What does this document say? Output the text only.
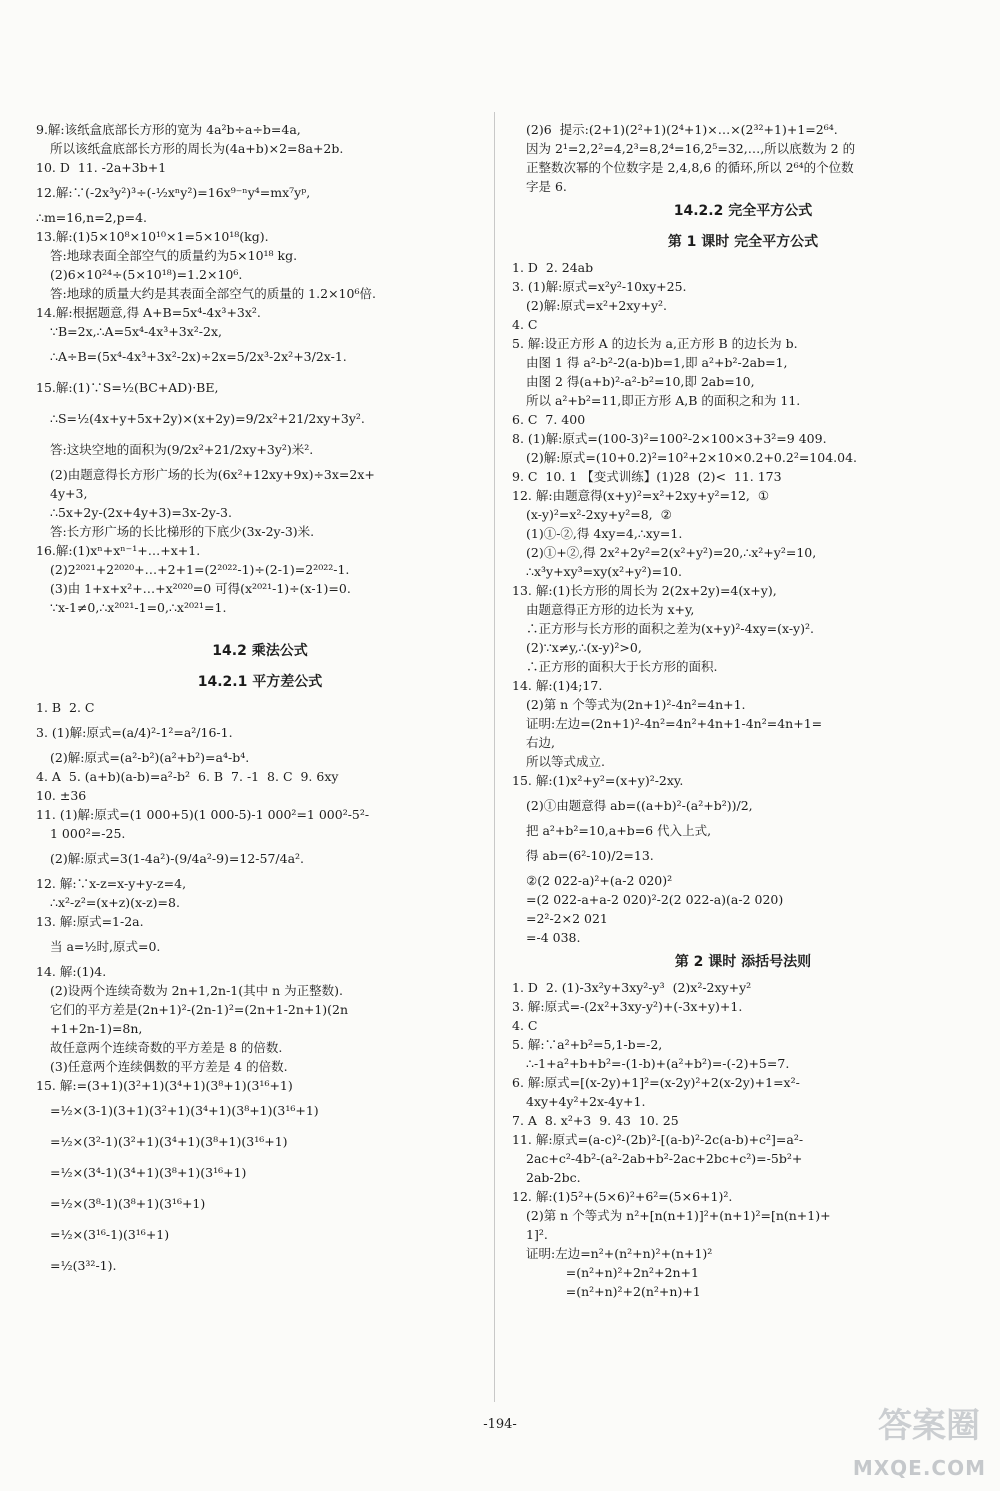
9.解:该纸盒底部长方形的宽为 4a²b÷a÷b=4a,
所以该纸盒底部长方形的周长为(4a+b)×2=8a+2b.
10. D  11. -2a+3b+1
12.解:∵(-2x³y²)³÷(-½xⁿy²)=16x⁹⁻ⁿy⁴=mx⁷yᵖ,
∴m=16,n=2,p=4.
13.解:(1)5×10⁸×10¹⁰×1=5×10¹⁸(kg).
答:地球表面全部空气的质量约为5×10¹⁸ kg.
(2)6×10²⁴÷(5×10¹⁸)=1.2×10⁶.
答:地球的质量大约是其表面全部空气的质量的 1.2×10⁶倍.
14.解:根据题意,得 A+B=5x⁴-4x³+3x².
∵B=2x,∴A=5x⁴-4x³+3x²-2x,
∴A÷B=(5x⁴-4x³+3x²-2x)÷2x=5/2x³-2x²+3/2x-1.
15.解:(1)∵S=½(BC+AD)·BE,
∴S=½(4x+y+5x+2y)×(x+2y)=9/2x²+21/2xy+3y².
答:这块空地的面积为(9/2x²+21/2xy+3y²)米².
(2)由题意得长方形广场的长为(6x²+12xy+9x)÷3x=2x+
4y+3,
∴5x+2y-(2x+4y+3)=3x-2y-3.
答:长方形广场的长比梯形的下底少(3x-2y-3)米.
16.解:(1)xⁿ+xⁿ⁻¹+…+x+1.
(2)2²⁰²¹+2²⁰²⁰+…+2+1=(2²⁰²²-1)÷(2-1)=2²⁰²²-1.
(3)由 1+x+x²+…+x²⁰²⁰=0 可得(x²⁰²¹-1)÷(x-1)=0.
∵x-1≠0,∴x²⁰²¹-1=0,∴x²⁰²¹=1.
14.2 乘法公式
14.2.1 平方差公式
1. B  2. C
3. (1)解:原式=(a/4)²-1²=a²/16-1.
(2)解:原式=(a²-b²)(a²+b²)=a⁴-b⁴.
4. A  5. (a+b)(a-b)=a²-b²  6. B  7. -1  8. C  9. 6xy
10. ±36
11. (1)解:原式=(1 000+5)(1 000-5)-1 000²=1 000²-5²-
1 000²=-25.
(2)解:原式=3(1-4a²)-(9/4a²-9)=12-57/4a².
12. 解:∵x-z=x-y+y-z=4,
∴x²-z²=(x+z)(x-z)=8.
13. 解:原式=1-2a.
当 a=½时,原式=0.
14. 解:(1)4.
(2)设两个连续奇数为 2n+1,2n-1(其中 n 为正整数).
它们的平方差是(2n+1)²-(2n-1)²=(2n+1-2n+1)(2n
+1+2n-1)=8n,
故任意两个连续奇数的平方差是 8 的倍数.
(3)任意两个连续偶数的平方差是 4 的倍数.
15. 解:=(3+1)(3²+1)(3⁴+1)(3⁸+1)(3¹⁶+1)
=½×(3-1)(3+1)(3²+1)(3⁴+1)(3⁸+1)(3¹⁶+1)
=½×(3²-1)(3²+1)(3⁴+1)(3⁸+1)(3¹⁶+1)
=½×(3⁴-1)(3⁴+1)(3⁸+1)(3¹⁶+1)
=½×(3⁸-1)(3⁸+1)(3¹⁶+1)
=½×(3¹⁶-1)(3¹⁶+1)
=½(3³²-1).
(2)6  提示:(2+1)(2²+1)(2⁴+1)×…×(2³²+1)+1=2⁶⁴.
因为 2¹=2,2²=4,2³=8,2⁴=16,2⁵=32,…,所以底数为 2 的
正整数次幂的个位数字是 2,4,8,6 的循环,所以 2⁶⁴的个位数
字是 6.
14.2.2 完全平方公式
第 1 课时 完全平方公式
1. D  2. 24ab
3. (1)解:原式=x²y²-10xy+25.
(2)解:原式=x²+2xy+y².
4. C
5. 解:设正方形 A 的边长为 a,正方形 B 的边长为 b.
由图 1 得 a²-b²-2(a-b)b=1,即 a²+b²-2ab=1,
由图 2 得(a+b)²-a²-b²=10,即 2ab=10,
所以 a²+b²=11,即正方形 A,B 的面积之和为 11.
6. C  7. 400
8. (1)解:原式=(100-3)²=100²-2×100×3+3²=9 409.
(2)解:原式=(10+0.2)²=10²+2×10×0.2+0.2²=104.04.
9. C  10. 1 【变式训练】(1)28  (2)<  11. 173
12. 解:由题意得(x+y)²=x²+2xy+y²=12,  ①
(x-y)²=x²-2xy+y²=8,  ②
(1)①-②,得 4xy=4,∴xy=1.
(2)①+②,得 2x²+2y²=2(x²+y²)=20,∴x²+y²=10,
∴x³y+xy³=xy(x²+y²)=10.
13. 解:(1)长方形的周长为 2(2x+2y)=4(x+y),
由题意得正方形的边长为 x+y,
∴正方形与长方形的面积之差为(x+y)²-4xy=(x-y)².
(2)∵x≠y,∴(x-y)²>0,
∴正方形的面积大于长方形的面积.
14. 解:(1)4;17.
(2)第 n 个等式为(2n+1)²-4n²=4n+1.
证明:左边=(2n+1)²-4n²=4n²+4n+1-4n²=4n+1=
右边,
所以等式成立.
15. 解:(1)x²+y²=(x+y)²-2xy.
(2)①由题意得 ab=((a+b)²-(a²+b²))/2,
把 a²+b²=10,a+b=6 代入上式,
得 ab=(6²-10)/2=13.
②(2 022-a)²+(a-2 020)²
=(2 022-a+a-2 020)²-2(2 022-a)(a-2 020)
=2²-2×2 021
=-4 038.
第 2 课时 添括号法则
1. D  2. (1)-3x²y+3xy²-y³  (2)x²-2xy+y²
3. 解:原式=-(2x²+3xy-y²)+(-3x+y)+1.
4. C
5. 解:∵a²+b²=5,1-b=-2,
∴-1+a²+b+b²=-(1-b)+(a²+b²)=-(-2)+5=7.
6. 解:原式=[(x-2y)+1]²=(x-2y)²+2(x-2y)+1=x²-
4xy+4y²+2x-4y+1.
7. A  8. x²+3  9. 43  10. 25
11. 解:原式=(a-c)²-(2b)²-[(a-b)²-2c(a-b)+c²]=a²-
2ac+c²-4b²-(a²-2ab+b²-2ac+2bc+c²)=-5b²+
2ab-2bc.
12. 解:(1)5²+(5×6)²+6²=(5×6+1)².
(2)第 n 个等式为 n²+[n(n+1)]²+(n+1)²=[n(n+1)+
1]².
证明:左边=n²+(n²+n)²+(n+1)²
=(n²+n)²+2n²+2n+1
=(n²+n)²+2(n²+n)+1
-194-	答案圈
MXQE.COM
